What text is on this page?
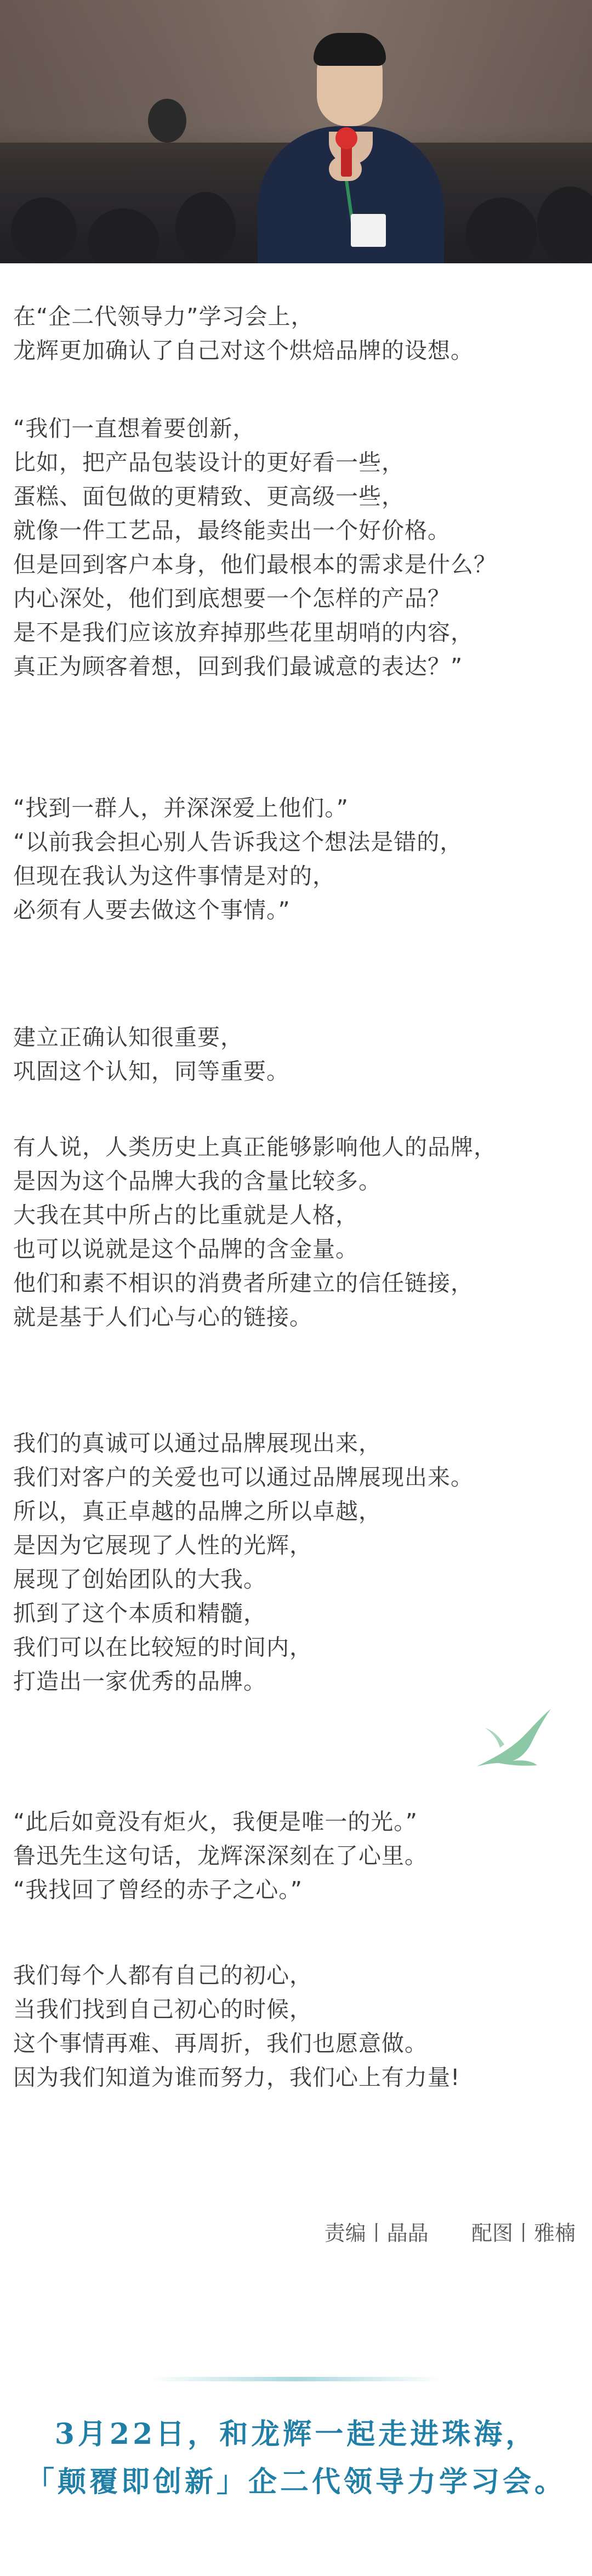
在“企二代领导力”学习会上，
龙辉更加确认了自己对这个烘焙品牌的设想。
“我们一直想着要创新，
比如，把产品包装设计的更好看一些，
蛋糕、面包做的更精致、更高级一些，
就像一件工艺品，最终能卖出一个好价格。
但是回到客户本身，他们最根本的需求是什么？
内心深处，他们到底想要一个怎样的产品？
是不是我们应该放弃掉那些花里胡哨的内容，
真正为顾客着想，回到我们最诚意的表达？”
“找到一群人，并深深爱上他们。”
“以前我会担心别人告诉我这个想法是错的，
但现在我认为这件事情是对的，
必须有人要去做这个事情。”
建立正确认知很重要，
巩固这个认知，同等重要。
有人说，人类历史上真正能够影响他人的品牌，
是因为这个品牌大我的含量比较多。
大我在其中所占的比重就是人格，
也可以说就是这个品牌的含金量。
他们和素不相识的消费者所建立的信任链接，
就是基于人们心与心的链接。
我们的真诚可以通过品牌展现出来，
我们对客户的关爱也可以通过品牌展现出来。
所以，真正卓越的品牌之所以卓越，
是因为它展现了人性的光辉，
展现了创始团队的大我。
抓到了这个本质和精髓，
我们可以在比较短的时间内，
打造出一家优秀的品牌。
“此后如竟没有炬火，我便是唯一的光。”
鲁迅先生这句话，龙辉深深刻在了心里。
“我找回了曾经的赤子之心。”
我们每个人都有自己的初心，
当我们找到自己初心的时候，
这个事情再难、再周折，我们也愿意做。
因为我们知道为谁而努力，我们心上有力量!
责编丨晶晶 配图丨雅楠
3月22日，和龙辉一起走进珠海，
「颠覆即创新」企二代领导力学习会。
